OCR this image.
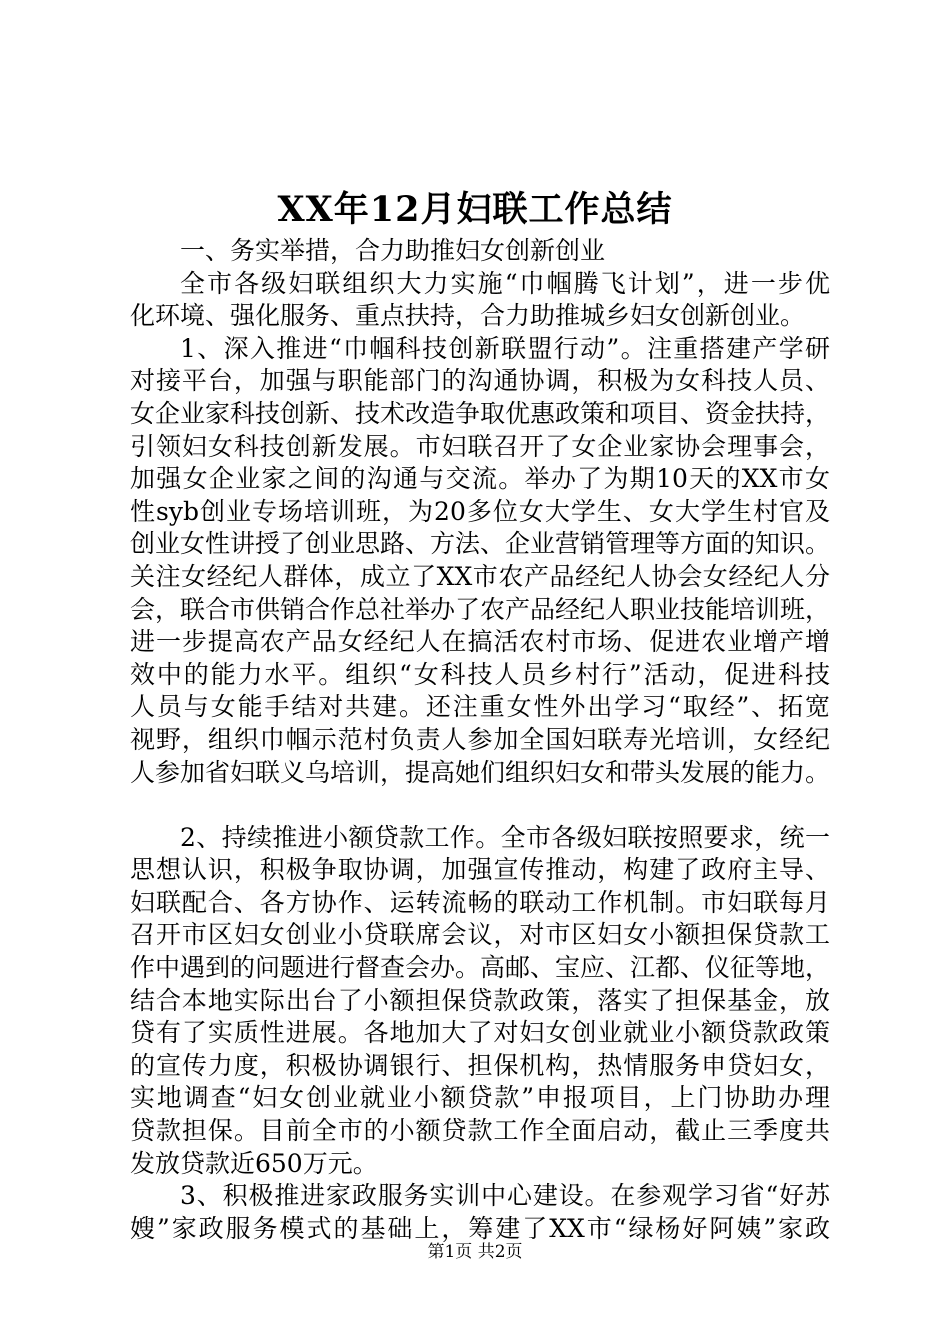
XX年12月妇联工作总结
一、务实举措，合力助推妇女创新创业
全市各级妇联组织大力实施“巾帼腾飞计划”，进一步优
化环境、强化服务、重点扶持，合力助推城乡妇女创新创业。
1、深入推进“巾帼科技创新联盟行动”。注重搭建产学研
对接平台，加强与职能部门的沟通协调，积极为女科技人员、
女企业家科技创新、技术改造争取优惠政策和项目、资金扶持，
引领妇女科技创新发展。市妇联召开了女企业家协会理事会，
加强女企业家之间的沟通与交流。举办了为期10天的XX市女
性syb创业专场培训班，为20多位女大学生、女大学生村官及
创业女性讲授了创业思路、方法、企业营销管理等方面的知识。
关注女经纪人群体，成立了XX市农产品经纪人协会女经纪人分
会，联合市供销合作总社举办了农产品经纪人职业技能培训班，
进一步提高农产品女经纪人在搞活农村市场、促进农业增产增
效中的能力水平。组织“女科技人员乡村行”活动，促进科技
人员与女能手结对共建。还注重女性外出学习“取经”、拓宽
视野，组织巾帼示范村负责人参加全国妇联寿光培训，女经纪
人参加省妇联义乌培训，提高她们组织妇女和带头发展的能力。
2、持续推进小额贷款工作。全市各级妇联按照要求，统一
思想认识，积极争取协调，加强宣传推动，构建了政府主导、
妇联配合、各方协作、运转流畅的联动工作机制。市妇联每月
召开市区妇女创业小贷联席会议，对市区妇女小额担保贷款工
作中遇到的问题进行督查会办。高邮、宝应、江都、仪征等地，
结合本地实际出台了小额担保贷款政策，落实了担保基金，放
贷有了实质性进展。各地加大了对妇女创业就业小额贷款政策
的宣传力度，积极协调银行、担保机构，热情服务申贷妇女，
实地调查“妇女创业就业小额贷款”申报项目，上门协助办理
贷款担保。目前全市的小额贷款工作全面启动，截止三季度共
发放贷款近650万元。
3、积极推进家政服务实训中心建设。在参观学习省“好苏
嫂”家政服务模式的基础上，筹建了XX市“绿杨好阿姨”家政
第1页 共2页
